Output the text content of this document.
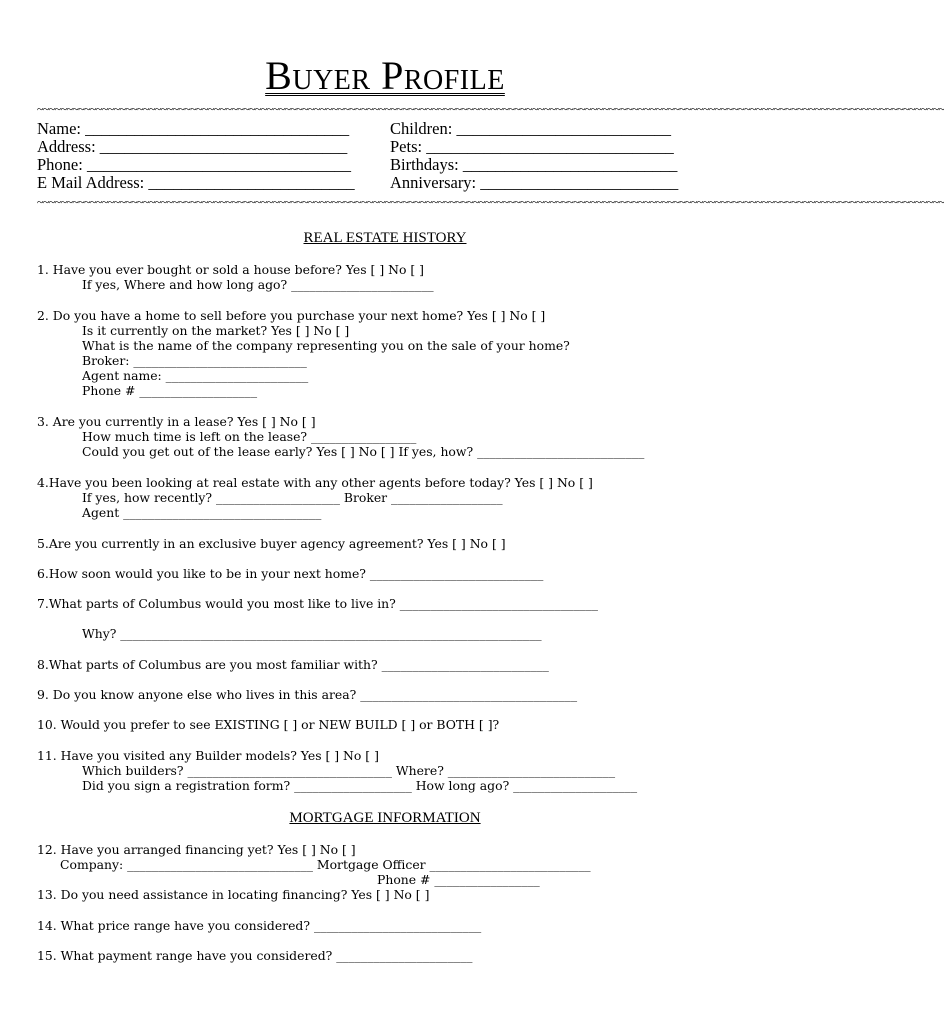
Buyer Profile
~~~~~~~~~~~~~~~~~~~~~~~~~~~~~~~~~~~~~~~~~~~~~~~~~~~~~~~~~~~~~~~~~~~~~~~~~~~~~~~~~~~~~~~~~~~~~~~~~~~~~~~~~~~~~~~~~~~~~~~~~~~~~~~~~~~~~~~~~~~~~~~~~~~~~~~~~~
Name: ________________________________
Address: ______________________________
Phone: ________________________________
E Mail Address: _________________________
Children: __________________________
Pets: ______________________________
Birthdays: __________________________
Anniversary: ________________________
~~~~~~~~~~~~~~~~~~~~~~~~~~~~~~~~~~~~~~~~~~~~~~~~~~~~~~~~~~~~~~~~~~~~~~~~~~~~~~~~~~~~~~~~~~~~~~~~~~~~~~~~~~~~~~~~~~~~~~~~~~~~~~~~~~~~~~~~~~~~~~~~~~~~~~~~~~
REAL ESTATE HISTORY
1. Have you ever bought or sold a house before? Yes [ ] No [ ]
If yes, Where and how long ago? _______________________
2. Do you have a home to sell before you purchase your next home? Yes [ ] No [ ]
Is it currently on the market? Yes [ ] No [ ]
What is the name of the company representing you on the sale of your home?
Broker: ____________________________
Agent name: _______________________
Phone # ___________________
3. Are you currently in a lease? Yes [ ] No [ ]
How much time is left on the lease? _________________
Could you get out of the lease early? Yes [ ] No [ ] If yes, how? ___________________________
4.Have you been looking at real estate with any other agents before today? Yes [ ] No [ ]
If yes, how recently? ____________________ Broker __________________
Agent ________________________________
5.Are you currently in an exclusive buyer agency agreement? Yes [ ] No [ ]
6.How soon would you like to be in your next home? ____________________________
7.What parts of Columbus would you most like to live in? ________________________________
Why? ____________________________________________________________________
8.What parts of Columbus are you most familiar with? ___________________________
9. Do you know anyone else who lives in this area? ___________________________________
10. Would you prefer to see EXISTING [ ] or NEW BUILD [ ] or BOTH [ ]?
11. Have you visited any Builder models? Yes [ ] No [ ]
Which builders? _________________________________ Where? ___________________________
Did you sign a registration form? ___________________ How long ago? ____________________
MORTGAGE INFORMATION
12. Have you arranged financing yet? Yes [ ] No [ ]
Company: ______________________________ Mortgage Officer __________________________
Phone # _________________
13. Do you need assistance in locating financing? Yes [ ] No [ ]
14. What price range have you considered? ___________________________
15. What payment range have you considered? ______________________
